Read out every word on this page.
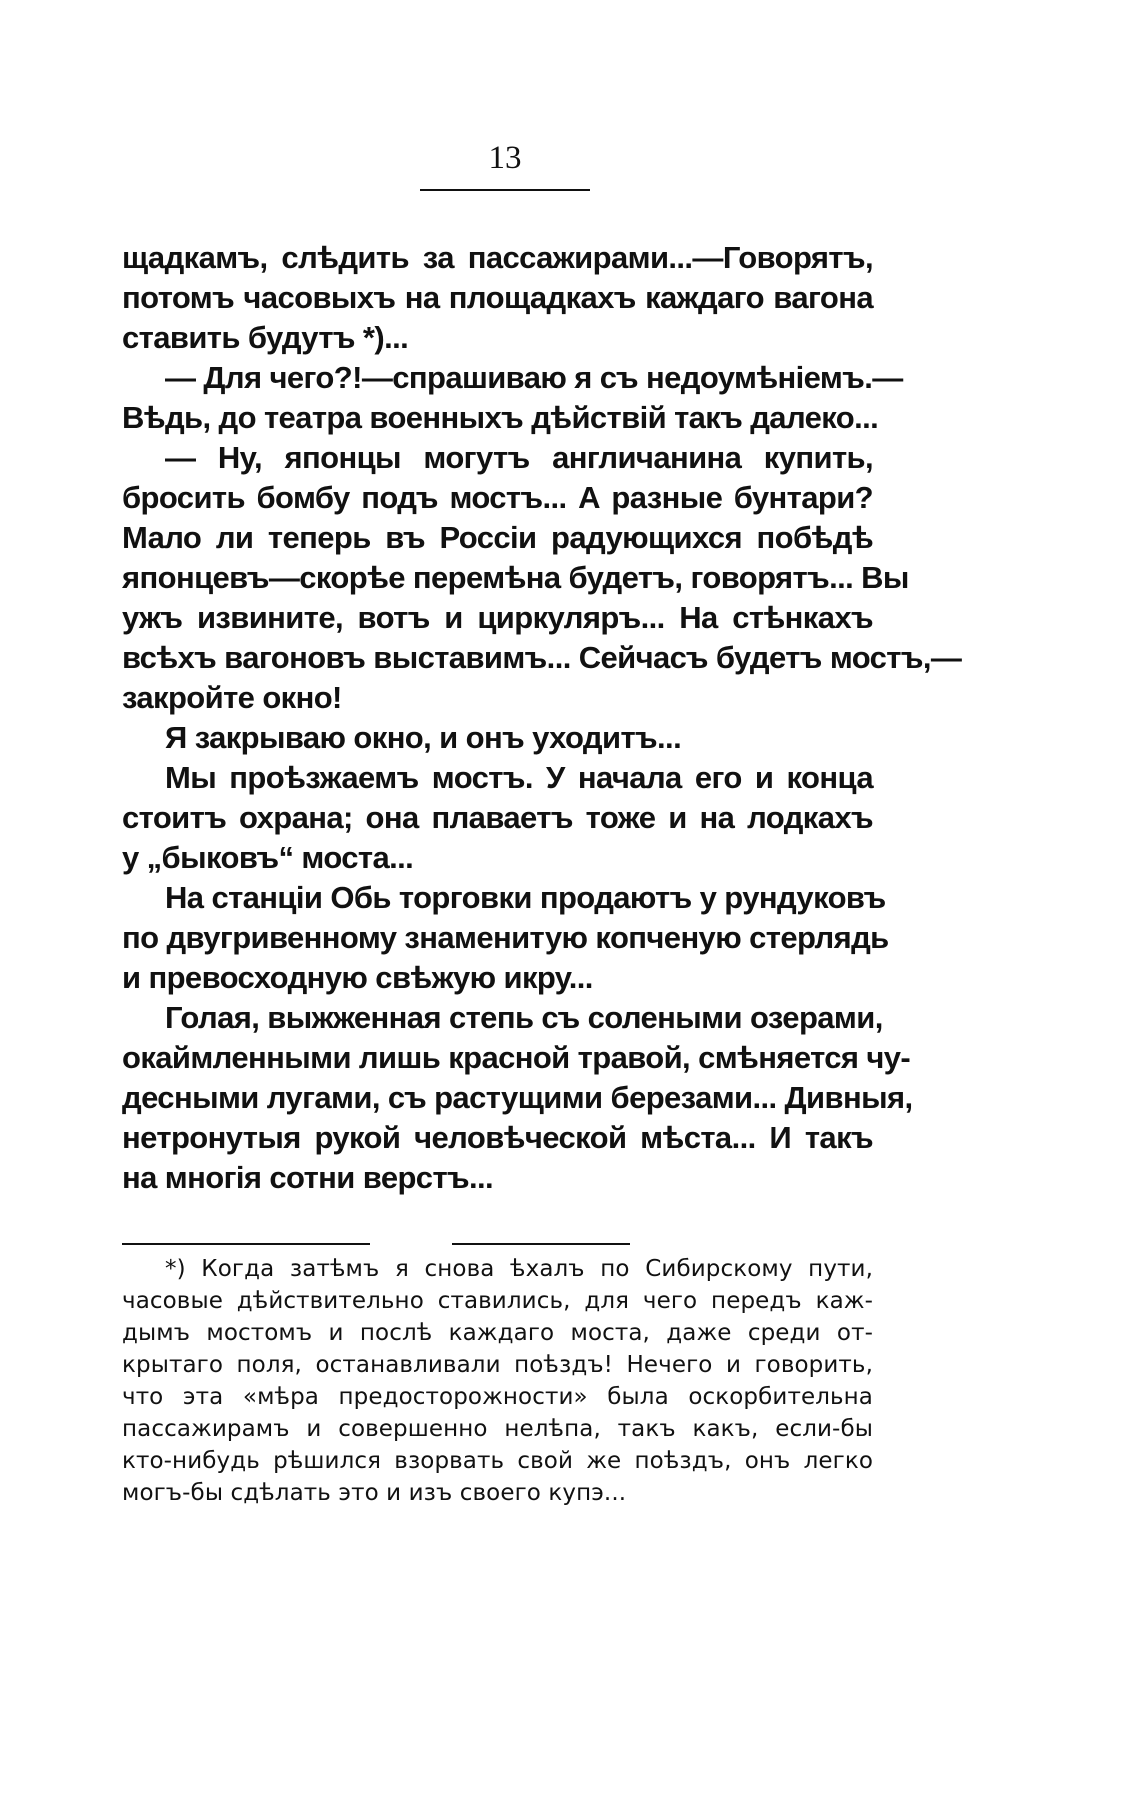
13
щадкамъ, слѣдить за пассажирами...—Говорятъ,
потомъ часовыхъ на площадкахъ каждаго вагона
ставить будутъ *)...
— Для чего?!—спрашиваю я съ недоумѣніемъ.—
Вѣдь, до театра военныхъ дѣйствій такъ далеко...
— Ну, японцы могутъ англичанина купить,
бросить бомбу подъ мостъ... А разные бунтари?
Мало ли теперь въ Россіи радующихся побѣдѣ
японцевъ—скорѣе перемѣна будетъ, говорятъ... Вы
ужъ извините, вотъ и циркуляръ... На стѣнкахъ
всѣхъ вагоновъ выставимъ... Сейчасъ будетъ мостъ,—
закройте окно!
Я закрываю окно, и онъ уходитъ...
Мы проѣзжаемъ мостъ. У начала его и конца
стоитъ охрана; она плаваетъ тоже и на лодкахъ
у „быковъ“ моста...
На станціи Обь торговки продаютъ у рундуковъ
по двугривенному знаменитую копченую стерлядь
и превосходную свѣжую икру...
Голая, выжженная степь съ солеными озерами,
окаймленными лишь красной травой, смѣняется чу-
десными лугами, съ растущими березами... Дивныя,
нетронутыя рукой человѣческой мѣста... И такъ
на многія сотни верстъ...
*) Когда затѣмъ я снова ѣхалъ по Сибирскому пути,
часовые дѣйствительно ставились, для чего передъ каж-
дымъ мостомъ и послѣ каждаго моста, даже среди от-
крытаго поля, останавливали поѣздъ! Нечего и говорить,
что эта «мѣра предосторожности» была оскорбительна
пассажирамъ и совершенно нелѣпа, такъ какъ, если-бы
кто-нибудь рѣшился взорвать свой же поѣздъ, онъ легко
могъ-бы сдѣлать это и изъ своего купэ...
